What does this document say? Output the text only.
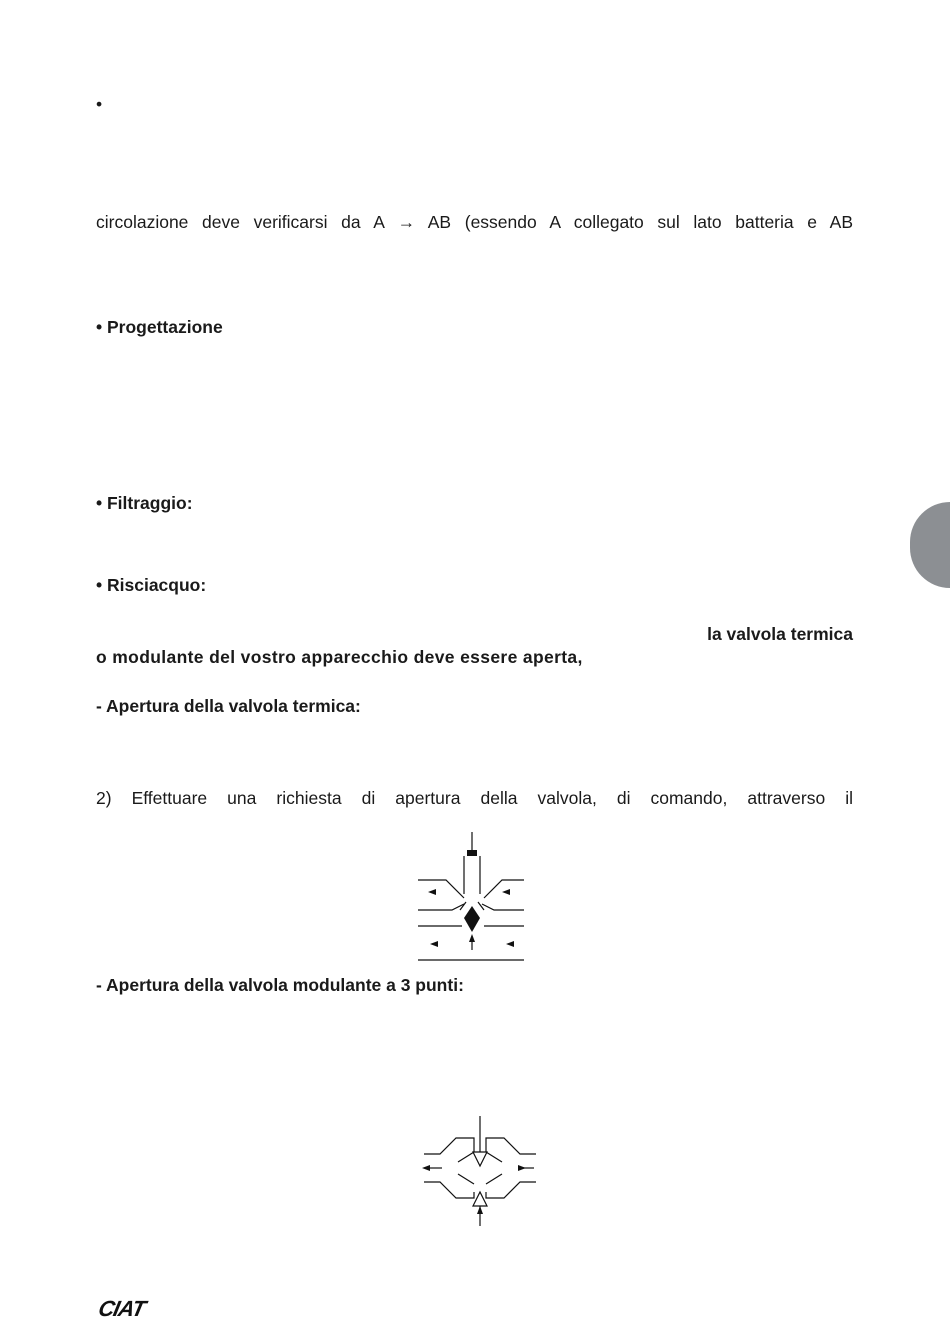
•
circolazione deve verificarsi da A → AB (essendo A collegato sul lato batteria e AB
• Progettazione
• Filtraggio:
• Risciacquo:
la valvola termica
o modulante del vostro apparecchio deve essere aperta,
- Apertura della valvola termica:
2) Effettuare una richiesta di apertura della valvola, di comando, attraverso il
- Apertura della valvola modulante a 3 punti:
CIAT
